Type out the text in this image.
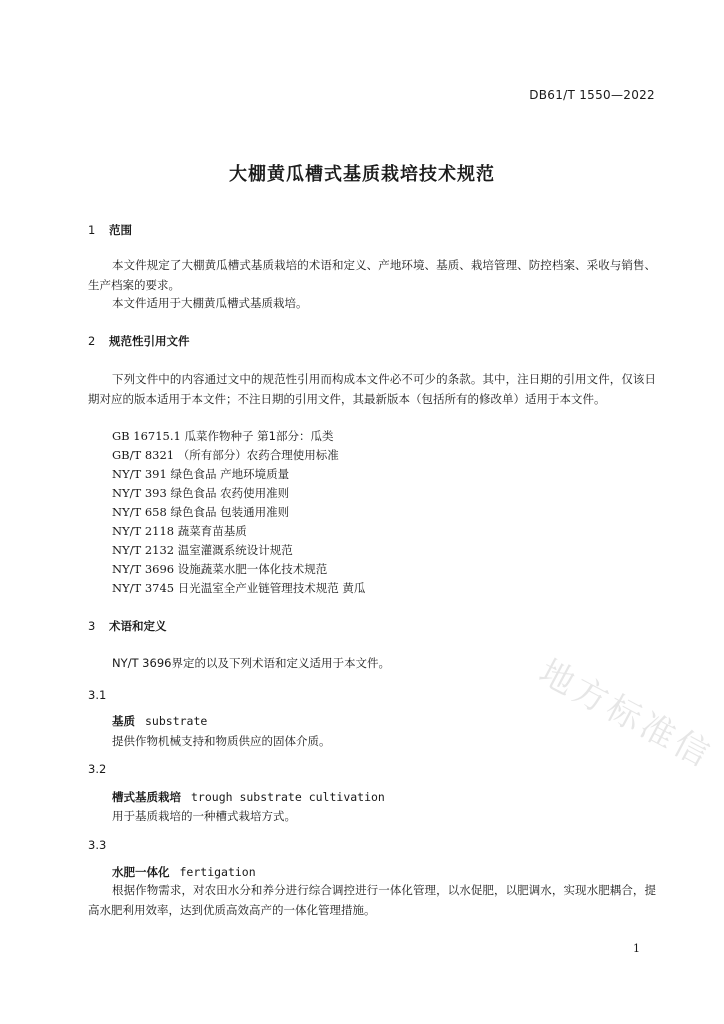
地方标准信
DB61/T 1550—2022
大棚黄瓜槽式基质栽培技术规范
1 范围

本文件规定了大棚黄瓜槽式基质栽培的术语和定义、产地环境、基质、栽培管理、防控档案、采收与销售、生产档案的要求。

本文件适用于大棚黄瓜槽式基质栽培。

2 规范性引用文件

下列文件中的内容通过文中的规范性引用而构成本文件必不可少的条款。其中，注日期的引用文件，仅该日期对应的版本适用于本文件；不注日期的引用文件，其最新版本（包括所有的修改单）适用于本文件。

GB 16715.1 瓜菜作物种子 第1部分：瓜类
GB/T 8321 （所有部分）农药合理使用标准
NY/T 391 绿色食品 产地环境质量
NY/T 393 绿色食品 农药使用准则
NY/T 658 绿色食品 包装通用准则
NY/T 2118 蔬菜育苗基质
NY/T 2132 温室灌溉系统设计规范
NY/T 3696 设施蔬菜水肥一体化技术规范
NY/T 3745 日光温室全产业链管理技术规范 黄瓜
3 术语和定义

NY/T 3696界定的以及下列术语和定义适用于本文件。

3.1
基质 substrate
提供作物机械支持和物质供应的固体介质。
3.2
槽式基质栽培 trough substrate cultivation
用于基质栽培的一种槽式栽培方式。
3.3
水肥一体化 fertigation

根据作物需求，对农田水分和养分进行综合调控进行一体化管理，以水促肥，以肥调水，实现水肥耦合，提高水肥利用效率，达到优质高效高产的一体化管理措施。

1
